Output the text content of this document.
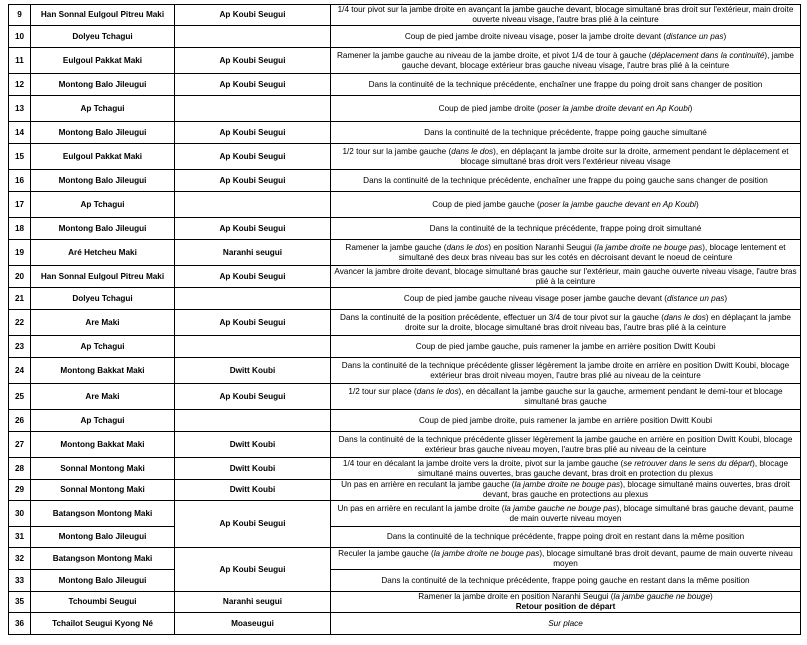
9	Han Sonnal Eulgoul Pitreu Maki	Ap Koubi Seugui	1/4 tour pivot sur la jambe droite en avançant la jambe gauche devant, blocage simultané bras droit sur l'extérieur, main droite ouverte niveau visage, l'autre bras plié à la ceinture
10	Dolyeu Tchagui		Coup de pied jambe droite niveau visage, poser la jambe droite devant (distance un pas)
11	Eulgoul Pakkat Maki	Ap Koubi Seugui	Ramener la jambe gauche au niveau de la jambe droite, et pivot 1/4 de tour à gauche (déplacement dans la continuité), jambe gauche devant, blocage extérieur bras gauche niveau visage, l'autre bras plié à la ceinture
12	Montong Balo Jileugui	Ap Koubi Seugui	Dans la continuité de la technique précédente, enchaîner une frappe du poing droit sans changer de position
13	Ap Tchagui		Coup de pied jambe droite (poser la jambe droite devant en Ap Koubi)
14	Montong Balo Jileugui	Ap Koubi Seugui	Dans la continuité de la technique précédente, frappe poing gauche simultané
15	Eulgoul Pakkat Maki	Ap Koubi Seugui	1/2 tour sur la jambe gauche (dans le dos), en déplaçant la jambe droite sur la droite, armement pendant le déplacement et blocage simultané bras droit vers l'extérieur niveau visage
16	Montong Balo Jileugui	Ap Koubi Seugui	Dans la continuité de la technique précédente, enchaîner une frappe du poing gauche sans changer de position
17	Ap Tchagui		Coup de pied jambe gauche (poser la jambe gauche devant en Ap Koubi)
18	Montong Balo Jileugui	Ap Koubi Seugui	Dans la continuité de la technique précédente, frappe poing droit simultané
19	Aré Hetcheu Maki	Naranhi seugui	Ramener la jambe gauche (dans le dos) en position Naranhi Seugui (la jambe droite ne bouge pas), blocage lentement et simultané des deux bras niveau bas sur les cotés en décroisant devant le noeud de ceinture
20	Han Sonnal Eulgoul Pitreu Maki	Ap Koubi Seugui	Avancer la jambre droite devant, blocage simultané bras gauche sur l'extérieur, main gauche ouverte niveau visage, l'autre bras plié à la ceinture
21	Dolyeu Tchagui		Coup de pied jambe gauche niveau visage poser jambe gauche devant (distance un pas)
22	Are Maki	Ap Koubi Seugui	Dans la continuité de la position précédente, effectuer un 3/4 de tour pivot sur la gauche (dans le dos) en déplaçant la jambe droite sur la droite, blocage simultané bras droit niveau bas, l'autre bras plié à la ceinture
23	Ap Tchagui		Coup de pied jambe gauche, puis ramener la jambe en arrière position Dwitt Koubi
24	Montong Bakkat Maki	Dwitt Koubi	Dans la continuité de la technique précédente glisser légèrement la jambe droite en arrière en position Dwitt Koubi, blocage extérieur bras droit niveau moyen, l'autre bras plié au niveau de la ceinture
25	Are Maki	Ap Koubi Seugui	1/2 tour sur place (dans le dos), en décallant la jambe gauche sur la gauche, armement pendant le demi-tour et blocage simultané bras gauche
26	Ap Tchagui		Coup de pied jambe droite, puis ramener la jambe en arrière position Dwitt Koubi
27	Montong Bakkat Maki	Dwitt Koubi	Dans la continuité de la technique précédente glisser légèrement la jambe gauche en arrière en position Dwitt Koubi, blocage extérieur bras gauche niveau moyen, l'autre bras plié au niveau de la ceinture
28	Sonnal Montong Maki	Dwitt Koubi	1/4 tour en décalant la jambe droite vers la droite, pivot sur la jambe gauche (se retrouver dans le sens du départ), blocage simultané mains ouvertes, bras gauche devant, bras droit en protection du plexus
29	Sonnal Montong Maki	Dwitt Koubi	Un pas en arrière en reculant la jambe gauche (la jambe droite ne bouge pas), blocage simultané mains ouvertes, bras droit devant, bras gauche en protections au plexus
30	Batangson Montong Maki	Ap Koubi Seugui	Un pas en arrière en reculant la jambe droite (la jambe gauche ne bouge pas), blocage simultané bras gauche devant, paume de main ouverte niveau moyen
31	Montong Balo Jileugui		Dans la continuité de la technique précédente, frappe poing droit en restant dans la même position
32	Batangson Montong Maki	Ap Koubi Seugui	Reculer la jambe gauche (la jambe droite ne bouge pas), blocage simultané bras droit devant, paume de main ouverte niveau moyen
33	Montong Balo Jileugui		Dans la continuité de la technique précédente, frappe poing gauche en restant dans la même position
35	Tchoumbi Seugui	Naranhi seugui	Ramener la jambe droite en position Naranhi Seugui (la jambe gauche ne bouge)
Retour position de départ
36	Tchailot Seugui Kyong Né	Moaseugui	Sur place
